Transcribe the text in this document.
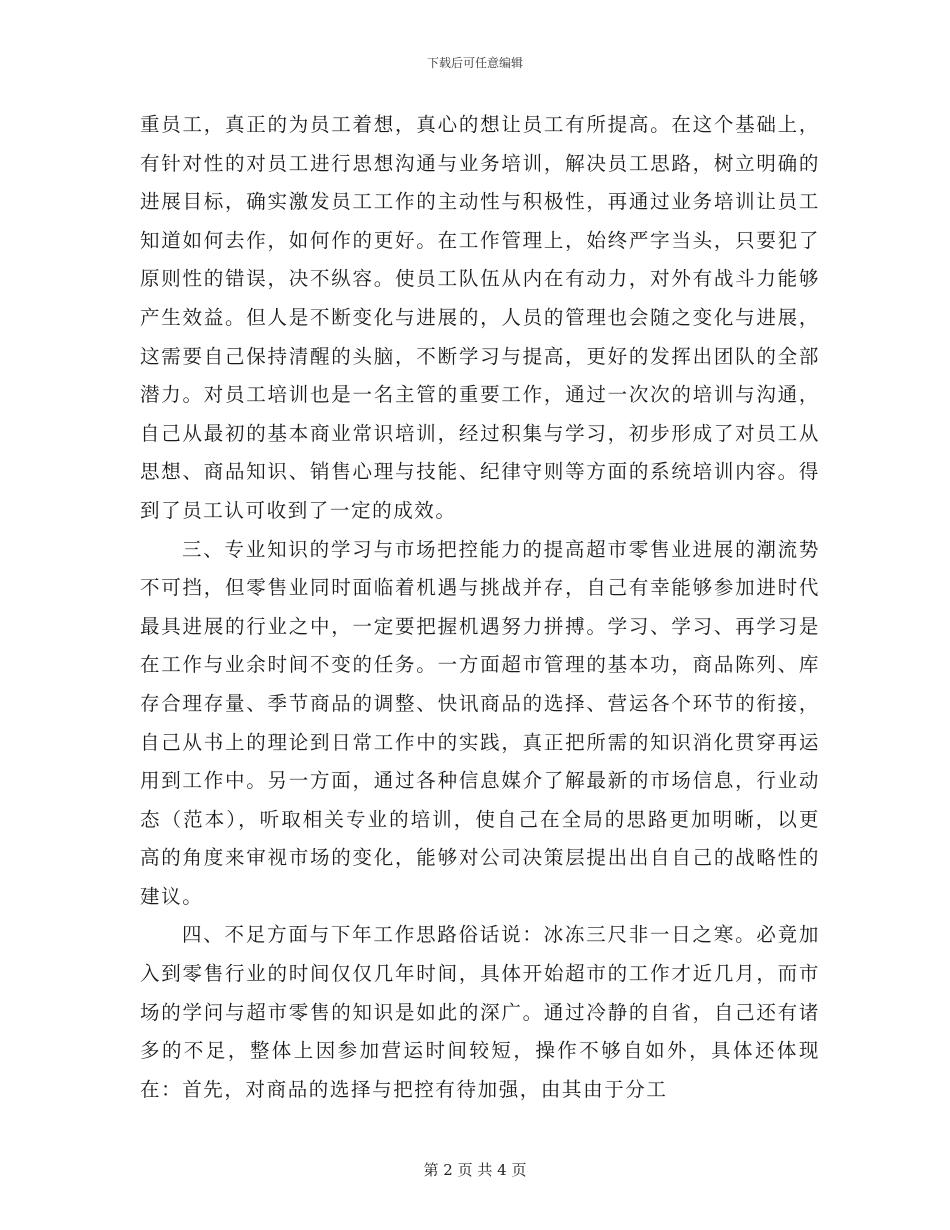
下载后可任意编辑

重员工，真正的为员工着想，真心的想让员工有所提高。在这个基础上，有针对性的对员工进行思想沟通与业务培训，解决员工思路，树立明确的进展目标，确实激发员工工作的主动性与积极性，再通过业务培训让员工知道如何去作，如何作的更好。在工作管理上，始终严字当头，只要犯了原则性的错误，决不纵容。使员工队伍从内在有动力，对外有战斗力能够产生效益。但人是不断变化与进展的，人员的管理也会随之变化与进展，这需要自己保持清醒的头脑，不断学习与提高，更好的发挥出团队的全部潜力。对员工培训也是一名主管的重要工作，通过一次次的培训与沟通，自己从最初的基本商业常识培训，经过积集与学习，初步形成了对员工从思想、商品知识、销售心理与技能、纪律守则等方面的系统培训内容。得到了员工认可收到了一定的成效。

三、专业知识的学习与市场把控能力的提高超市零售业进展的潮流势不可挡，但零售业同时面临着机遇与挑战并存，自己有幸能够参加进时代最具进展的行业之中，一定要把握机遇努力拼搏。学习、学习、再学习是在工作与业余时间不变的任务。一方面超市管理的基本功，商品陈列、库存合理存量、季节商品的调整、快讯商品的选择、营运各个环节的衔接，自己从书上的理论到日常工作中的实践，真正把所需的知识消化贯穿再运用到工作中。另一方面，通过各种信息媒介了解最新的市场信息，行业动态（范本），听取相关专业的培训，使自己在全局的思路更加明晰，以更高的角度来审视市场的变化，能够对公司决策层提出出自自己的战略性的建议。

四、不足方面与下年工作思路俗话说：冰冻三尺非一日之寒。必竟加入到零售行业的时间仅仅几年时间，具体开始超市的工作才近几月，而市场的学问与超市零售的知识是如此的深广。通过冷静的自省，自己还有诸多的不足，整体上因参加营运时间较短，操作不够自如外，具体还体现在：首先，对商品的选择与把控有待加强，由其由于分工

第 2 页 共 4 页
